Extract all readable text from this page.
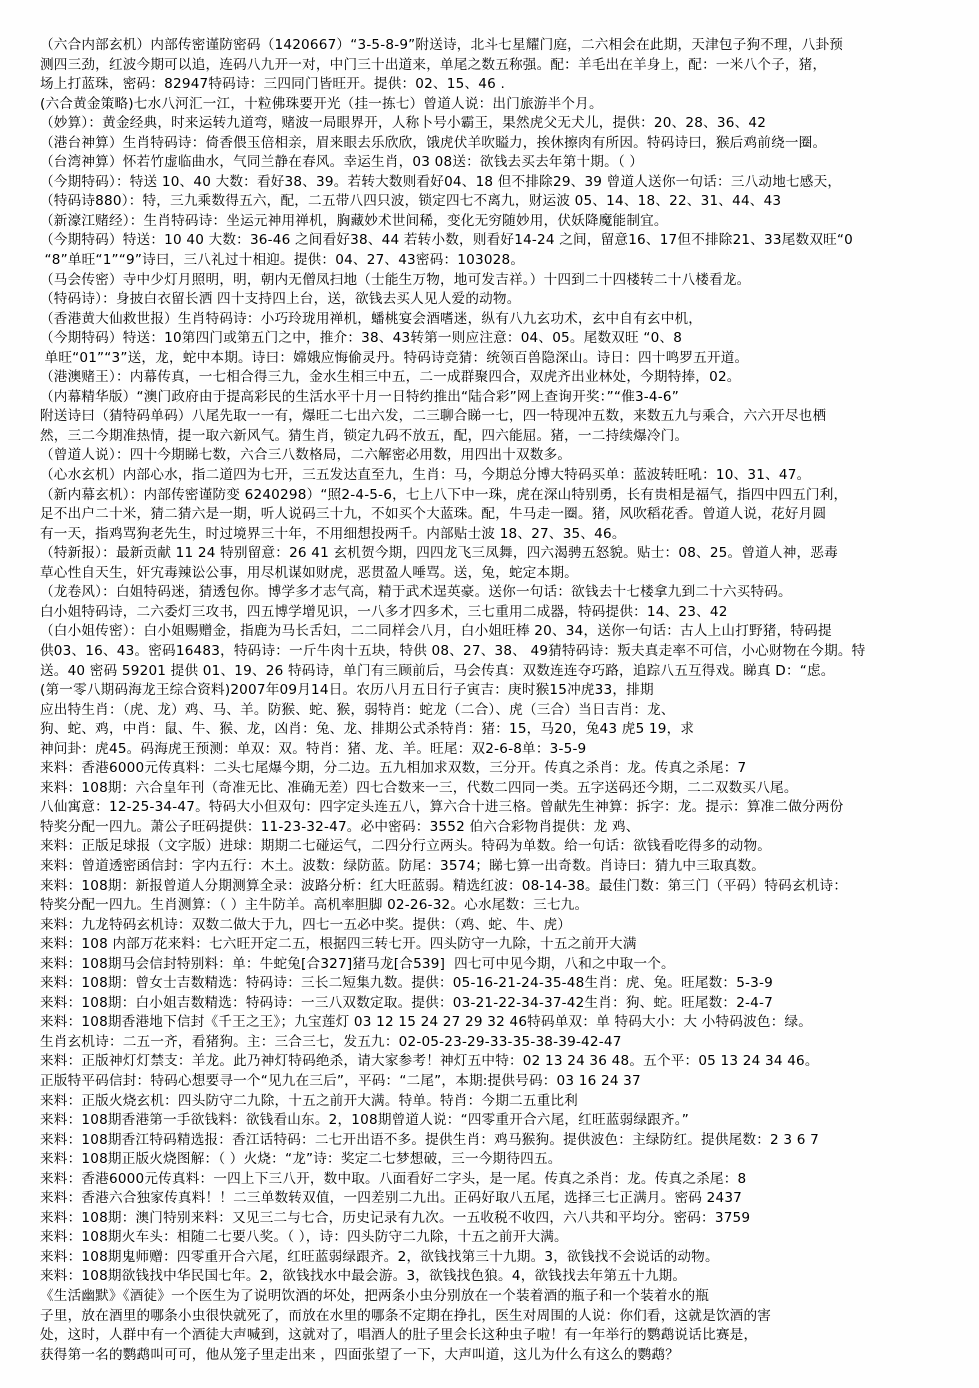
（六合内部玄机）内部传密谨防密码（1420667）“3-5-8-9”附送诗，北斗七星耀门庭，二六相会在此期，天津包子狗不理，八卦预
测四三劲，红波今期可以追，连码八九开一对，中门三十出道来，单尾之数五称强。配：羊毛出在羊身上，配：一米八个子，猪，
场上打蓝珠，密码：82947特码诗：三四同门皆旺开。提供：02、15、46 .
(六合黄金策略)七水八河汇一江，十粒佛珠要开光（挂一拣七）曾道人说：出门旅游半个月。
（妙算）：黄金经典，时来运转九道弯，赌波一局眼界开，人称卜号小霸王，果然虎父无犬儿，提供：20、28、36、42
（港台神算）生肖特码诗：倚香偎玉倍相亲，眉来眼去乐欣欣，饿虎伏羊吹賹力，挨休擦肉有所因。特码诗曰，猴后鸡前绕一圈。
（台湾神算）怀若竹虚临曲水，气同兰静在春风。幸运生肖，03 08送：欲钱去买去年第十期。（ ）
（今期特码）：特送 10、40 大数：看好38、39。若转大数则看好04、18 但不排除29、39 曾道人送你一句话：三八动地七感天，
（特码诗880）：特，三九乘数得五六，配，二五带八四只波，锁定四七不离九，财运波 05、14、18、22、31、44、43
（新濠江赌经）：生肖特码诗：坐运元神用禅机，胸藏妙术世间稀，变化无穷随妙用，伏妖降魔能制宜。
（今期特码）特送：10 40 大数：36-46 之间看好38、44 若转小数，则看好14-24 之间，留意16、17但不排除21、33尾数双旺“0
“8”单旺“1”“9”诗曰，三八礼过十相迎。提供：04、27、43密码：103028。
（马会传密）寺中少灯月照明，明，朝内无僧凤扫地（士能生万物，地可发吉祥。）十四到二十四楼转二十八楼看龙。
（特码诗）：身披白衣留长洒 四十支持四上台，送，欲钱去买人见人爱的动物。
（香港黄大仙救世报）生肖特码诗：小巧玲珑用禅机，蟠桃宴会酒嗜迷，纵有八九玄功术，玄中自有玄中机，
（今期特码）特送：10第四门或第五门之中，推介：38、43转第一则应注意：04、05。尾数双旺 “0、8
单旺“01”“3”送，龙，蛇中本期。诗曰：嫦娥应悔偷灵丹。特码诗竞猜：统领百兽隐深山。诗日：四十鸣罗五开道。
（港澳赌王）：内幕传真，一七相合得三九，金水生相三中五，二一成群聚四合，双虎齐出业林处，今期特捧，02。
（内幕精华版）“澳门政府由于提高彩民的生活水平十月一日特约推出“陆合彩”网上查询开奖：”“倠3-4-6”
附送诗曰（猜特码单码）八尾先取一一有，爆旺二七出六发，二三聊合睇一七，四一特现冲五数，来数五九与乘合，六六开尽也栖
然，三二今期准热情，提一取六新风气。猜生肖，锁定九码不放五，配，四六能屈。猪，一二持续爆冷门。
（曾道人说）：四十今期睇七数，六合三八数格局，二六解密必用数，用四出十双数多。
（心水玄机）内部心水，指二道四为七开，三五发达直至九，生肖：马，今期总分博大特码买单：蓝波转旺吼：10、31、47。
（新内幕玄机）：内部传密谨防变 6240298）“照2-4-5-6，七上八下中一珠，虎在深山特别勇，长有贵相是福气，指四中四五门利，
足不出户二十米，猜二猜六是一期，听人说码三十九，不如买个大蓝珠。配，牛马走一圈。猪，风吹稻花香。曾道人说，花好月圆
有一天，指鸡骂狗老先生，时过境界三十年，不用细想投两千。内部贴士波 18、27、35、46。
（特新报）：最新贡献 11 24 特别留意：26 41 玄机贺今期，四四龙飞三凤舞，四六渴骋五怒貌。贴士：08、25。曾道人神，恶毒
草心性自天生，奸宄毒辣讼公事，用尽机谋如财虎，恶贯盈人唾骂。送，兔，蛇定本期。
（龙卷风）：白姐特码迷，猜透包你。博学多才志气高，精于武术逞英豪。送你一句话：欲钱去十七楼拿九到二十六买特码。
白小姐特码诗，二六委灯三攻书，四五博学增见识，一八多才四多术，三七重用二成器，特码提供：14、23、42
（白小姐传密）：白小姐赐赠金，指鹿为马长舌妇，二二同样会八月，白小姐旺棒 20、34，送你一句话：古人上山打野猪，特码提
供03、16、43。密码16483，特码诗：一斤牛肉十五块，特供 08、27、38、 49猜特码诗：叛夫真走率不可信，小心财物在今期。特
送。40 密码 59201 提供 01、19、26 特码诗，单门有三顾前后，马会传真：双数连连夺巧路，追踪八五互得戏。睇真 D：“虑。
(第一零八期码海龙王综合资料)2007年09月14日。农历八月五日行子寅吉：庚时猴15冲虎33，排期
应出特生肖：（虎、龙）鸡、马、羊。防猴、蛇、猴，弱特肖：蛇龙（二合）、虎（三合）当日吉肖：龙、
狗、蛇、鸡，中肖：鼠、牛、猴、龙，凶肖：兔、龙、排期公式杀特肖：猪：15，马20，兔43 虎5 19，求
神问卦：虎45。码海虎王预测：单双：双。特肖：猪、龙、羊。旺尾：双2-6-8单：3-5-9
来料：香港6000元传真料：二头七尾爆今期，分二边。五九相加求双数，三分开。传真之杀肖：龙。传真之杀尾：7
来料：108期：六合皇年刊（奇准无比、准确无差）四七合数来一三，代数二四同一类。五字送码还今期，二二双数买八尾。
八仙寓意：12-25-34-47。特码大小但双句：四字定头连五八，算六合十进三格。曾献先生神算：拆字：龙。提示：算准二做分两份
特奖分配一四九。萧公子旺码提供：11-23-32-47。必中密码：3552 伯六合彩物肖提供：龙 鸡、
来料：正版足球报（文字版）进球：期期二七碰运气，二四分行立两头。特码为单数。给一句话：欲钱看吃得多的动物。
来料：曾道透密函信封：字内五行：木土。波数：绿防蓝。防尾：3574；睇七算一出奇数。肖诗曰：猜九中三取真数。
来料：108期：新报曾道人分期测算全录：波路分析：红大旺蓝弱。精选红波：08-14-38。最佳门数：第三门（平码）特码玄机诗：
特奖分配一四九。生肖测算：（ ）主牛防羊。高机率胆脚 02-26-32。心水尾数：三七九。
来料：九龙特码玄机诗：双数二做大于九，四七一五必中奖。提供：（鸡、蛇、牛、虎）
来料：108 内部万花来料：七六旺开定二五，根据四三转七开。四头防守一九除，十五之前开大满
来料：108期马会信封特别料：单：牛蛇兔[合327]猪马龙[合539]  四七可中见今期，八和之中取一个。
来料：108期：曾女士吉数精选：特码诗：三长二短集九数。提供：05-16-21-24-35-48生肖：虎、兔。旺尾数：5-3-9
来料：108期：白小姐吉数精选：特码诗：一三八双数定取。提供：03-21-22-34-37-42生肖：狗、蛇。旺尾数：2-4-7
来料：108期香港地下信封《千王之王》；九宝莲灯 03 12 15 24 27 29 32 46特码单双：单 特码大小：大 小特码波色：绿。
生肖玄机诗：二五一齐，看猪狗。主：三合三七，发五九：02-05-23-29-33-35-38-39-42-47
来料：正版神灯灯禁支：羊龙。此乃神灯特码绝杀，请大家参考！神灯五中特：02 13 24 36 48。五个平：05 13 24 34 46。
正版特平码信封：特码心想要寻一个“见九在三后”，平码：“二尾”，本期:提供号码：03 16 24 37
来料：正版火烧玄机：四头防守二九除，十五之前开大满。特单。特肖：今期二五重比利
来料：108期香港第一手欲钱料：欲钱看山东。2，108期曾道人说：“四零重开合六尾，红旺蓝弱绿跟齐。”
来料：108期香江特码精选报：香江话特码：二七开出语不多。提供生肖：鸡马猴狗。提供波色：主绿防红。提供尾数：2 3 6 7
来料：108期正版火烧图解：（ ）火烧：“龙”诗：奖定二七梦想破，三一今期待四五。
来料：香港6000元传真料：一四上下三八开，数中取。八面看好二字头，是一尾。传真之杀肖：龙。传真之杀尾：8
来料：香港六合独家传真料！！二三单数转双值，一四差别二九出。正码好取八五尾，选择三七正满月。密码 2437
来料：108期：澳门特别来料：又见三二与七合，历史记录有九次。一五收税不收四，六八共和平均分。密码：3759
来料：108期火车头：相随二七要八奖。（ ），诗：四头防守二九除，十五之前开大满。
来料：108期鬼师赠：四零重开合六尾，红旺蓝弱绿跟齐。2，欲钱找第三十九期。3，欲钱找不会说话的动物。
来料：108期欲钱找中华民国七年。2，欲钱找水中最会游。3，欲钱找色狼。4，欲钱找去年第五十九期。
《生活幽默》《酒徒》一个医生为了说明饮酒的坏处，把两条小虫分别放在一个装着酒的瓶子和一个装着水的瓶
子里，放在酒里的哪条小虫很快就死了，而放在水里的哪条不定期在挣扎，医生对周围的人说：你们看，这就是饮酒的害
处，这时，人群中有一个酒徒大声喊到，这就对了，唱酒人的肚子里会长这种虫子啦！有一年举行的鹦鹉说话比赛是，
获得第一名的鹦鹉叫可可，他从笼子里走出来 ，四面张望了一下，大声叫道，这儿为什么有这么的鹦鹉？
